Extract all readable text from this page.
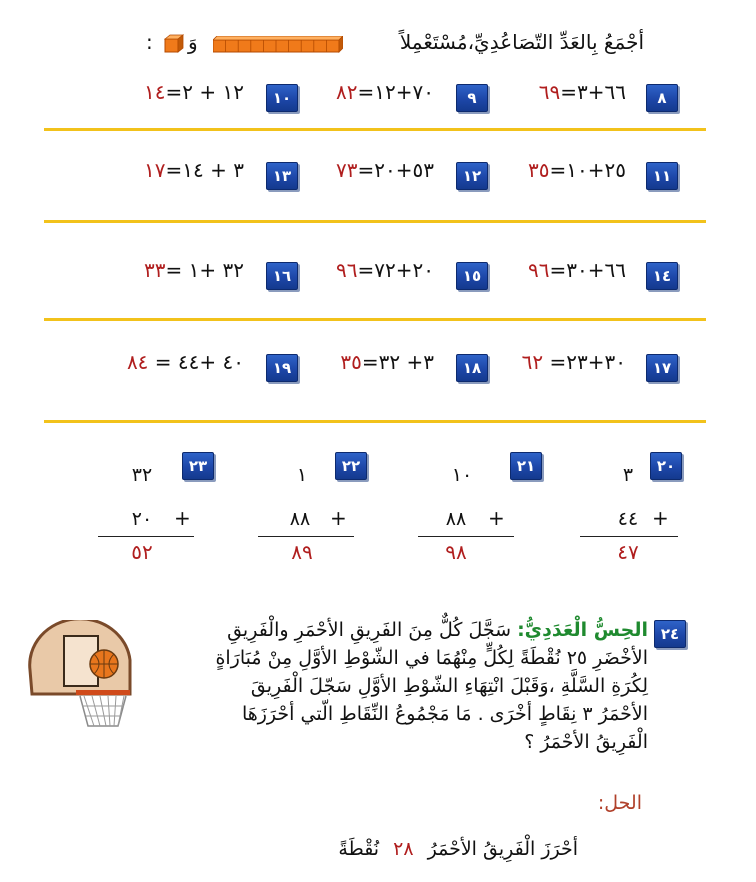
أجْمَعُ بِالعَدِّ التّصَاعُدِيِّ،مُسْتَعْمِلاً
وَ
:
٨
٦٦+٣=٦٩
٩
٧٠+١٢=٨٢
١٠
١٢ + ٢=١٤
١١
٢٥+١٠=٣٥
١٢
٥٣+٢٠=٧٣
١٣
٣ + ١٤=١٧
١٤
٦٦+٣٠=٩٦
١٥
٢٠+٧٢=٩٦
١٦
٣٢ +١ =٣٣
١٧
٣٠+٢٣= ٦٢
١٨
٣+ ٣٢=٣٥
١٩
٤٠ +٤٤ = ٨٤
٢٠
٣
٤٤ +
٤٧
٢١
١٠
٨٨	+
٩٨
٢٢
١
٨٨ +
٨٩
٢٣
٣٢
٢٠	+
٥٢
٢٤
الحِسُّ الْعَدَدِيُّ: سَجَّلَ كُلٌّ مِنَ الفَرِيقِ الأحْمَرِ والْفَرِيقِ
الأخْضَرِ ٢٥ نُقْطَةً لِكُلٍّ مِنْهُمَا في الشّوْطِ الأوَّلِ مِنْ مُبَارَاةٍ
لِكُرَةِ السَّلَّةِ ،وَقَبْلَ انْتِهَاءِ الشّوْطِ الأوَّلِ سَجّلَ الْفَرِيقَ
الأحْمَرُ ٣ نِقَاطٍ أخْرَى . مَا مَجْمُوعُ النِّقَاطِ الّتي أحْرَزَهَا
الْفَرِيقُ الأحْمَرُ ؟
الحل:
أحْرَزَ الْفَرِيقُ الأحْمَرُ ٢٨ نُقْطَةً
